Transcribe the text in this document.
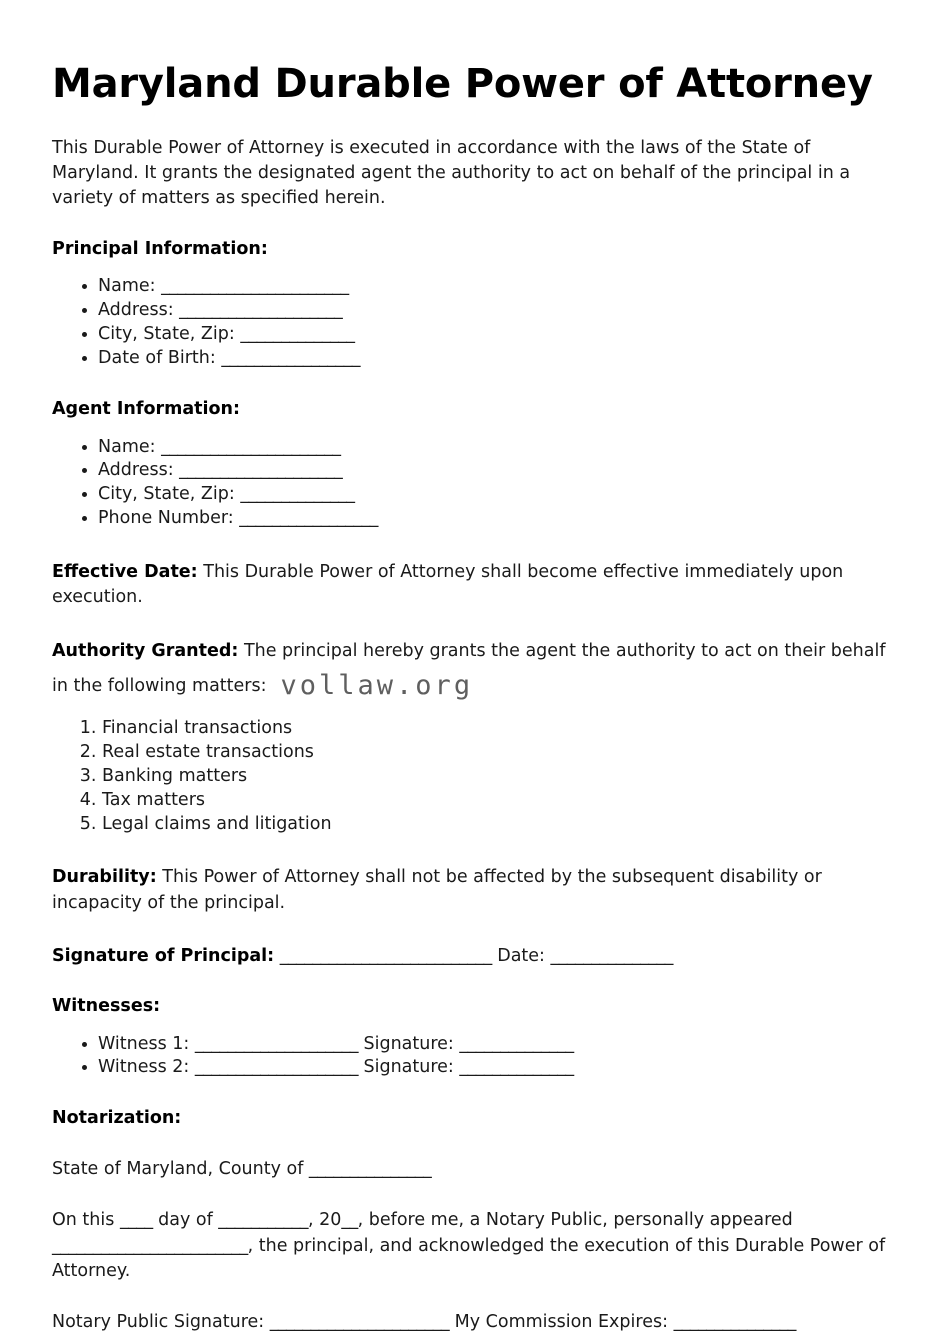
Maryland Durable Power of Attorney

This Durable Power of Attorney is executed in accordance with the laws of the State of Maryland. It grants the designated agent the authority to act on behalf of the principal in a variety of matters as specified herein.

Principal Information:
• Name: _______________________
• Address: ____________________
• City, State, Zip: ______________
• Date of Birth: _________________
Agent Information:
• Name: ______________________
• Address: ____________________
• City, State, Zip: ______________
• Phone Number: _________________

Effective Date: This Durable Power of Attorney shall become effective immediately upon execution.

Authority Granted: The principal hereby grants the agent the authority to act on their behalf in the following matters: vollaw.org

1. Financial transactions
2. Real estate transactions
3. Banking matters
4. Tax matters
5. Legal claims and litigation

Durability: This Power of Attorney shall not be affected by the subsequent disability or incapacity of the principal.

Signature of Principal: __________________________ Date: _______________

Witnesses:
• Witness 1: ____________________ Signature: ______________
• Witness 2: ____________________ Signature: ______________
Notarization:

State of Maryland, County of _______________

On this ____ day of ___________, 20__, before me, a Notary Public, personally appeared ________________________, the principal, and acknowledged the execution of this Durable Power of Attorney.

Notary Public Signature: ______________________ My Commission Expires: _______________
